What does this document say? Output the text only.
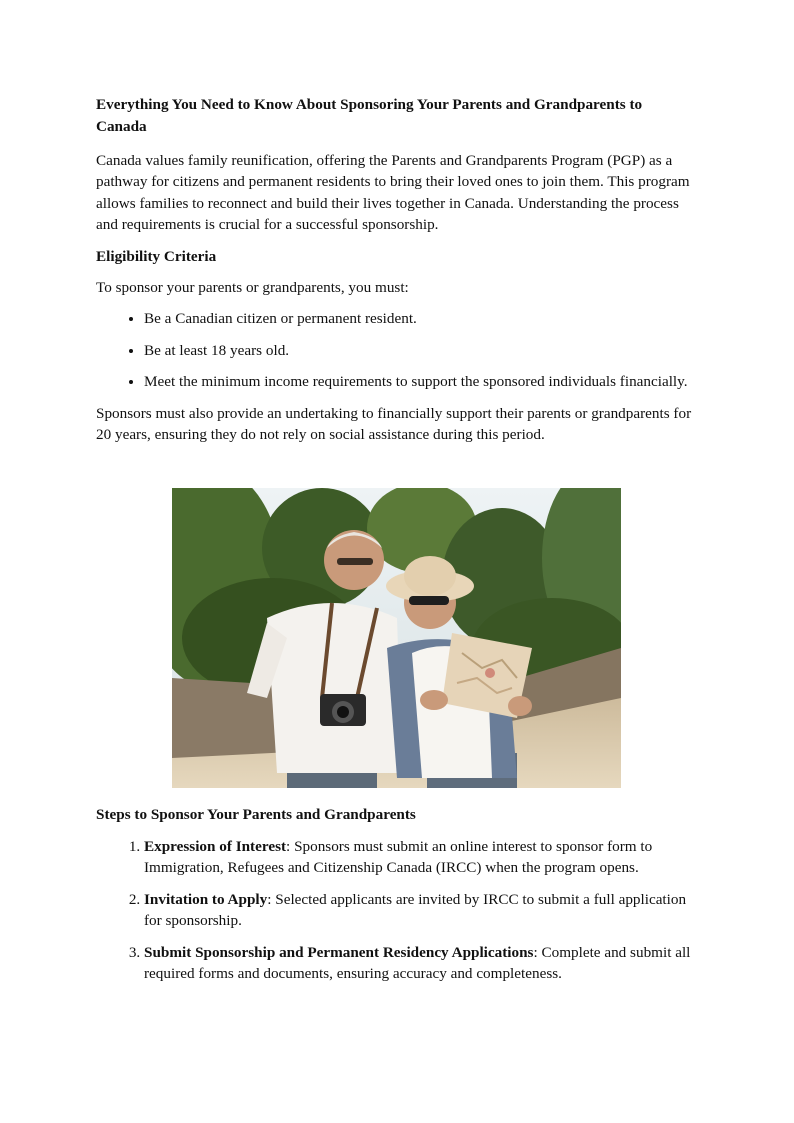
Everything You Need to Know About Sponsoring Your Parents and Grandparents to Canada

Canada values family reunification, offering the Parents and Grandparents Program (PGP) as a pathway for citizens and permanent residents to bring their loved ones to join them. This program allows families to reconnect and build their lives together in Canada. Understanding the process and requirements is crucial for a successful sponsorship.

Eligibility Criteria

To sponsor your parents or grandparents, you must:

• Be a Canadian citizen or permanent resident.
• Be at least 18 years old.
• Meet the minimum income requirements to support the sponsored individuals financially.

Sponsors must also provide an undertaking to financially support their parents or grandparents for 20 years, ensuring they do not rely on social assistance during this period.

Steps to Sponsor Your Parents and Grandparents
1. Expression of Interest: Sponsors must submit an online interest to sponsor form to Immigration, Refugees and Citizenship Canada (IRCC) when the program opens.
2. Invitation to Apply: Selected applicants are invited by IRCC to submit a full application for sponsorship.
3. Submit Sponsorship and Permanent Residency Applications: Complete and submit all required forms and documents, ensuring accuracy and completeness.
